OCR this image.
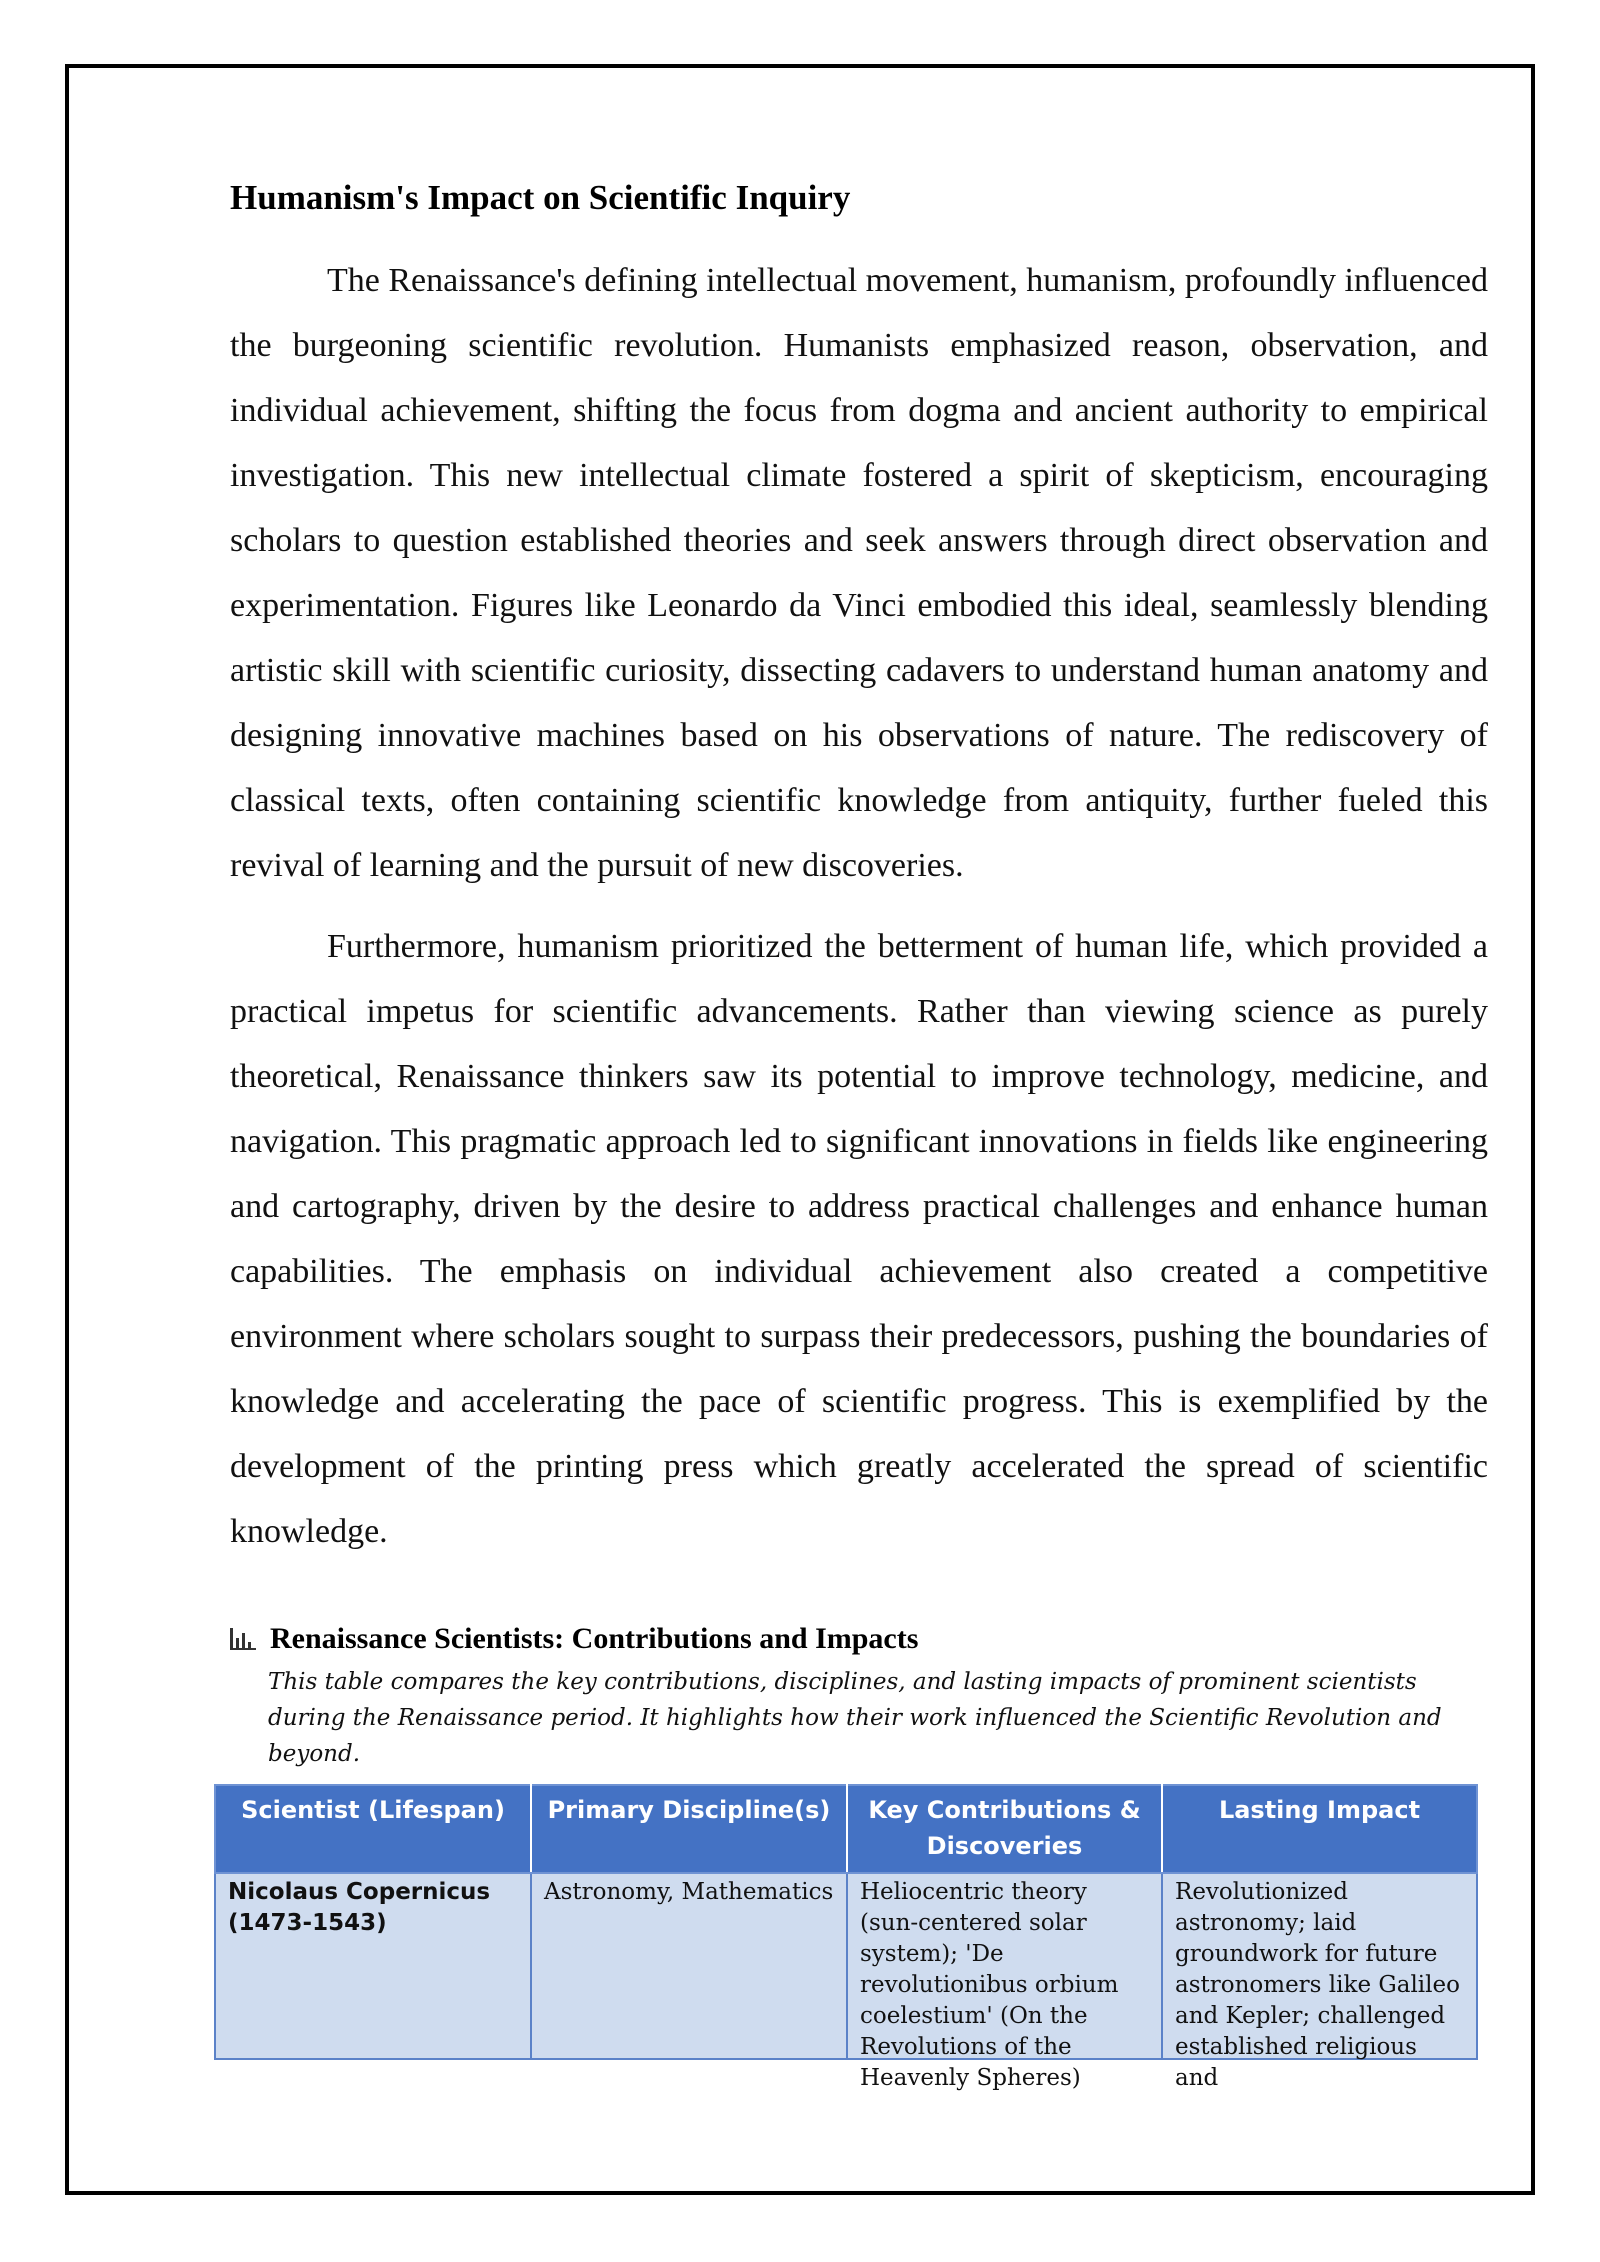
Humanism's Impact on Scientific Inquiry

The Renaissance's defining intellectual movement, humanism, profoundly influenced the burgeoning scientific revolution. Humanists emphasized reason, observation, and individual achievement, shifting the focus from dogma and ancient authority to empirical investigation. This new intellectual climate fostered a spirit of skepticism, encouraging scholars to question established theories and seek answers through direct observation and experimentation. Figures like Leonardo da Vinci embodied this ideal, seamlessly blending artistic skill with scientific curiosity, dissecting cadavers to understand human anatomy and designing innovative machines based on his observations of nature. The rediscovery of classical texts, often containing scientific knowledge from antiquity, further fueled this revival of learning and the pursuit of new discoveries.

Furthermore, humanism prioritized the betterment of human life, which provided a practical impetus for scientific advancements. Rather than viewing science as purely theoretical, Renaissance thinkers saw its potential to improve technology, medicine, and navigation. This pragmatic approach led to significant innovations in fields like engineering and cartography, driven by the desire to address practical challenges and enhance human capabilities. The emphasis on individual achievement also created a competitive environment where scholars sought to surpass their predecessors, pushing the boundaries of knowledge and accelerating the pace of scientific progress. This is exemplified by the development of the printing press which greatly accelerated the spread of scientific knowledge.

Renaissance Scientists: Contributions and Impacts
This table compares the key contributions, disciplines, and lasting impacts of prominent scientists during the Renaissance period. It highlights how their work influenced the Scientific Revolution and beyond.
Scientist (Lifespan)	Primary Discipline(s)	Key Contributions & Discoveries	Lasting Impact

Nicolaus Copernicus (1473-1543)	Astronomy, Mathematics	Heliocentric theory (sun-centered solar system); 'De revolutionibus orbium coelestium' (On the Revolutions of the Heavenly Spheres)	Revolutionized astronomy; laid groundwork for future astronomers like Galileo and Kepler; challenged established religious and
